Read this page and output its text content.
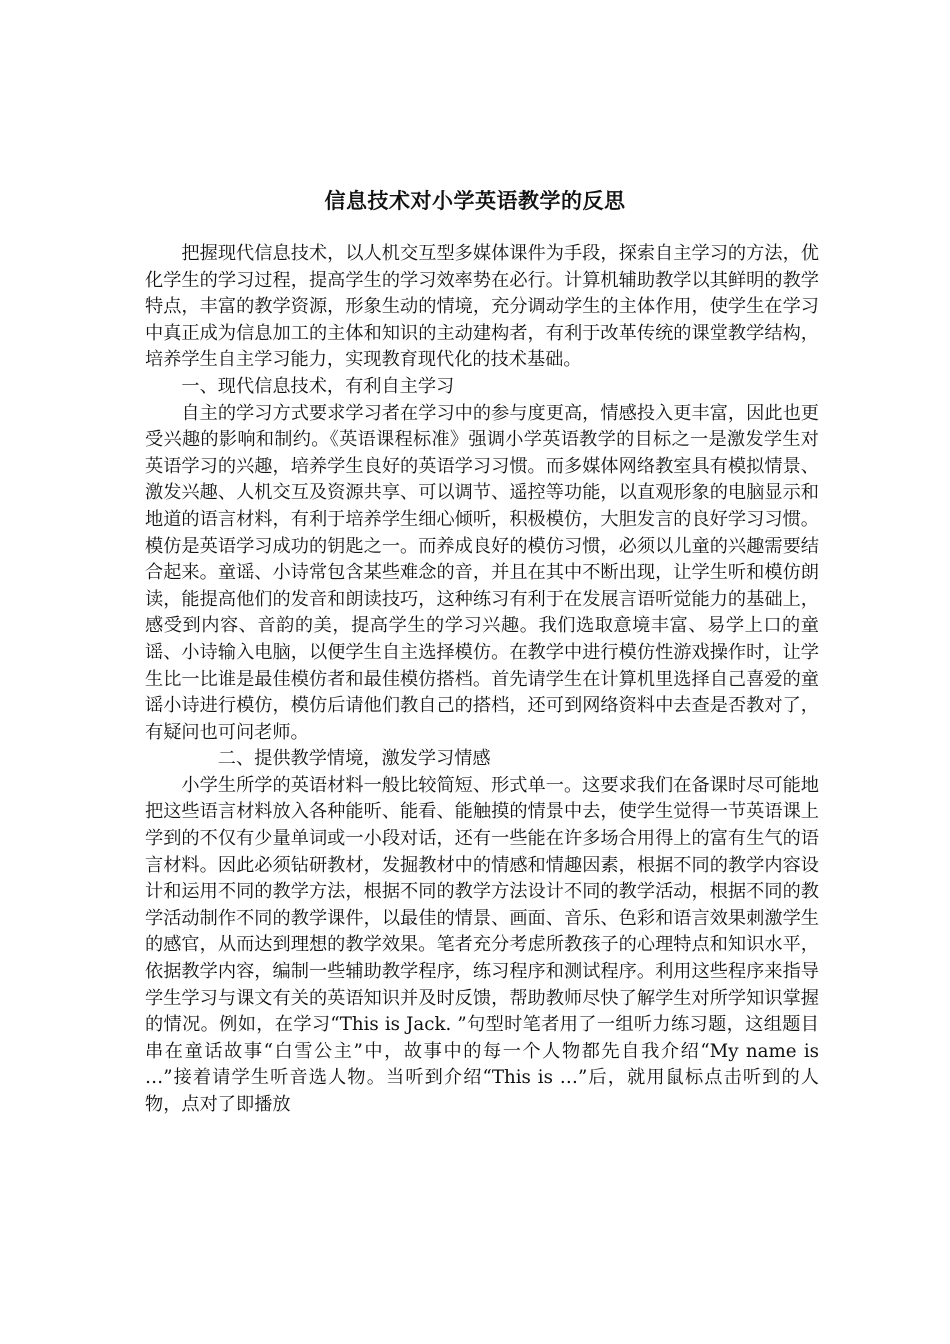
信息技术对小学英语教学的反思

把握现代信息技术，以人机交互型多媒体课件为手段，探索自主学习的方法，优化学生的学习过程，提高学生的学习效率势在必行。计算机辅助教学以其鲜明的教学特点，丰富的教学资源，形象生动的情境，充分调动学生的主体作用，使学生在学习中真正成为信息加工的主体和知识的主动建构者，有利于改革传统的课堂教学结构，培养学生自主学习能力，实现教育现代化的技术基础。

一、现代信息技术，有利自主学习

自主的学习方式要求学习者在学习中的参与度更高，情感投入更丰富，因此也更受兴趣的影响和制约。《英语课程标准》强调小学英语教学的目标之一是激发学生对英语学习的兴趣，培养学生良好的英语学习习惯。而多媒体网络教室具有模拟情景、激发兴趣、人机交互及资源共享、可以调节、遥控等功能，以直观形象的电脑显示和地道的语言材料，有利于培养学生细心倾听，积极模仿，大胆发言的良好学习习惯。模仿是英语学习成功的钥匙之一。而养成良好的模仿习惯，必须以儿童的兴趣需要结合起来。童谣、小诗常包含某些难念的音，并且在其中不断出现，让学生听和模仿朗读，能提高他们的发音和朗读技巧，这种练习有利于在发展言语听觉能力的基础上，感受到内容、音韵的美，提高学生的学习兴趣。我们选取意境丰富、易学上口的童谣、小诗输入电脑，以便学生自主选择模仿。在教学中进行模仿性游戏操作时，让学生比一比谁是最佳模仿者和最佳模仿搭档。首先请学生在计算机里选择自己喜爱的童谣小诗进行模仿，模仿后请他们教自己的搭档，还可到网络资料中去查是否教对了，有疑问也可问老师。

二、提供教学情境，激发学习情感

小学生所学的英语材料一般比较简短、形式单一。这要求我们在备课时尽可能地把这些语言材料放入各种能听、能看、能触摸的情景中去，使学生觉得一节英语课上学到的不仅有少量单词或一小段对话，还有一些能在许多场合用得上的富有生气的语言材料。因此必须钻研教材，发掘教材中的情感和情趣因素，根据不同的教学内容设计和运用不同的教学方法，根据不同的教学方法设计不同的教学活动，根据不同的教学活动制作不同的教学课件，以最佳的情景、画面、音乐、色彩和语言效果刺激学生的感官，从而达到理想的教学效果。笔者充分考虑所教孩子的心理特点和知识水平，依据教学内容，编制一些辅助教学程序，练习程序和测试程序。利用这些程序来指导学生学习与课文有关的英语知识并及时反馈，帮助教师尽快了解学生对所学知识掌握的情况。例如，在学习“This is Jack. ”句型时笔者用了一组听力练习题，这组题目串在童话故事“白雪公主”中，故事中的每一个人物都先自我介绍“My name is …”接着请学生听音选人物。当听到介绍“This is …”后，就用鼠标点击听到的人物，点对了即播放
